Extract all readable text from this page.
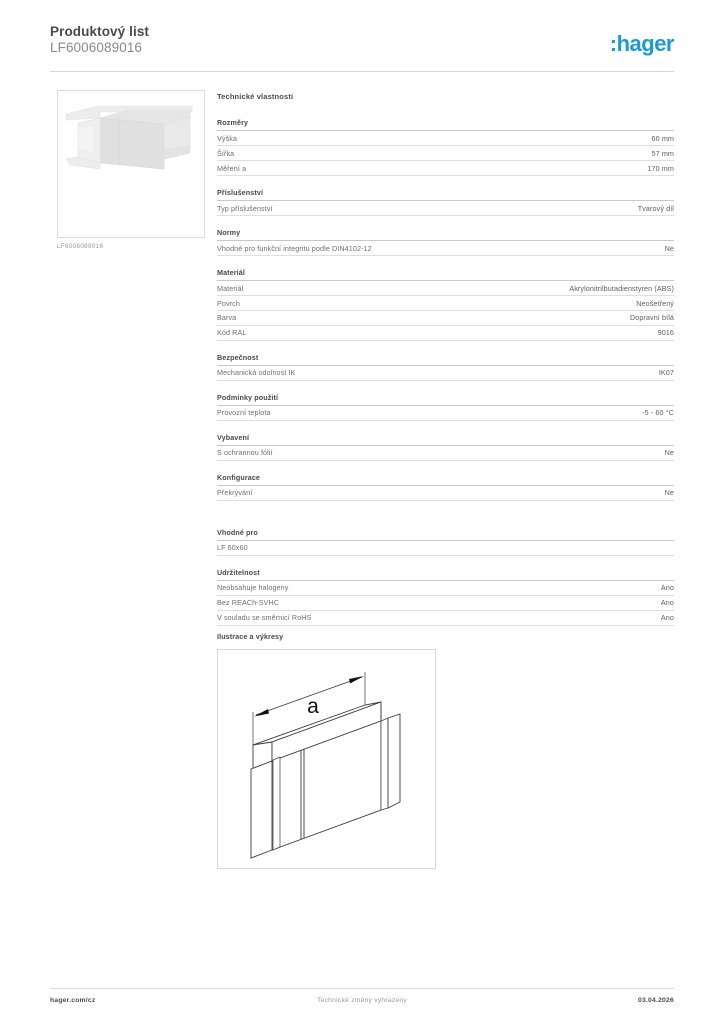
Produktový list
LF6006089016	:hager
LF6006089016
Technické vlastnosti
Rozměry
Výška	60 mm
Šířka	57 mm
Měření a	170 mm
Příslušenství
Typ příslušenství	Tvarový díl
Normy
Vhodné pro funkční integritu podle DIN4102-12	Ne
Materiál
Materiál	Akrylonitrilbutadienstyren (ABS)
Povrch	Neošetřený
Barva	Dopravní bílá
Kód RAL	9016
Bezpečnost
Mechanická odolnost IK	IK07
Podmínky použití
Provozní teplota	-5 - 60 °C
Vybavení
S ochrannou fólií	Ne
Konfigurace
Překrývání	Ne
Vhodné pro
LF 60x60
Udržitelnost
Neobsahuje halogeny	Ano
Bez REACh-SVHC	Ano
V souladu se směrnicí RoHS	Ano
Ilustrace a výkresy
a
Technické změny vyhrazeny
hager.com/cz	03.04.2026
